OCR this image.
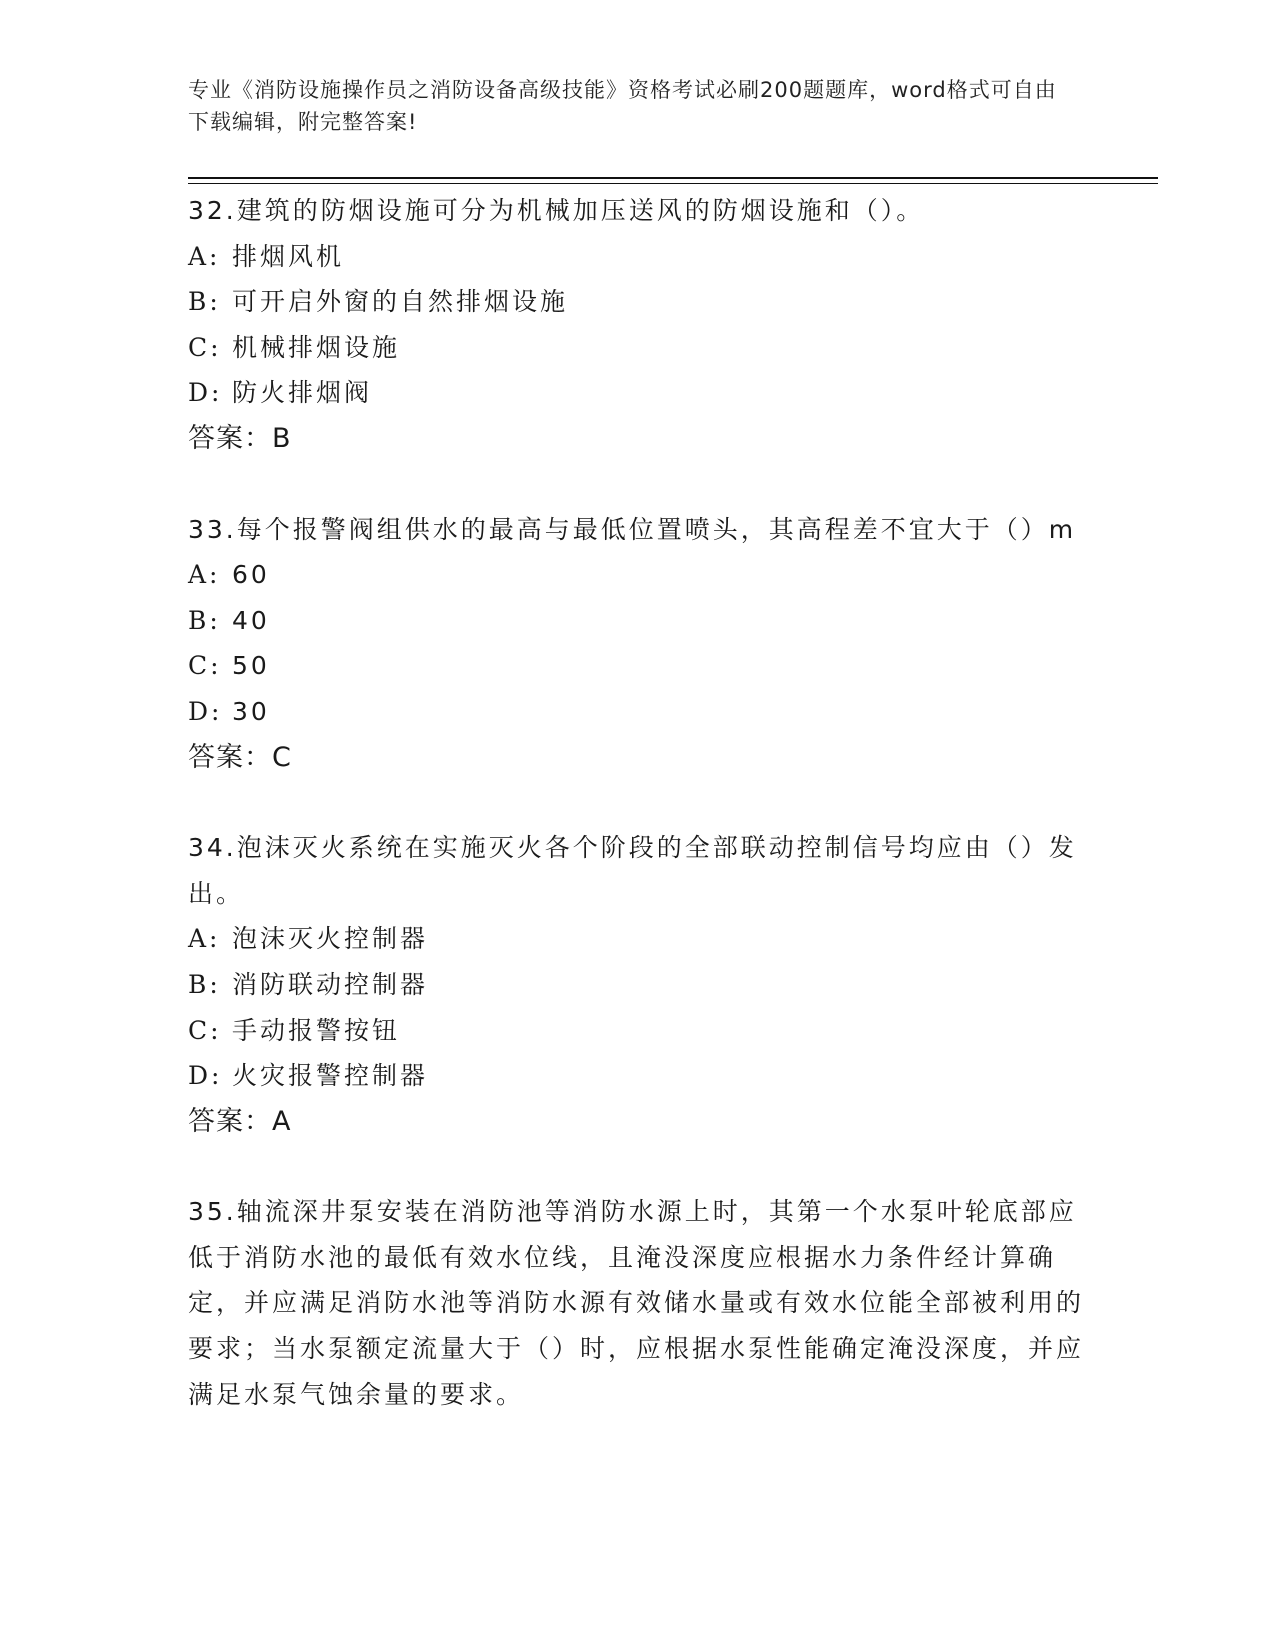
专业《消防设施操作员之消防设备高级技能》资格考试必刷200题题库，word格式可自由下载编辑，附完整答案!

32.建筑的防烟设施可分为机械加压送风的防烟设施和（）。

A: 排烟风机

B: 可开启外窗的自然排烟设施

C: 机械排烟设施

D: 防火排烟阀

答案：B

33.每个报警阀组供水的最高与最低位置喷头，其高程差不宜大于（）m

A: 60

B: 40

C: 50

D: 30

答案：C

34.泡沫灭火系统在实施灭火各个阶段的全部联动控制信号均应由（）发出。

A: 泡沫灭火控制器

B: 消防联动控制器

C: 手动报警按钮

D: 火灾报警控制器

答案：A

35.轴流深井泵安装在消防池等消防水源上时，其第一个水泵叶轮底部应低于消防水池的最低有效水位线，且淹没深度应根据水力条件经计算确定，并应满足消防水池等消防水源有效储水量或有效水位能全部被利用的要求；当水泵额定流量大于（）时，应根据水泵性能确定淹没深度，并应满足水泵气蚀余量的要求。
